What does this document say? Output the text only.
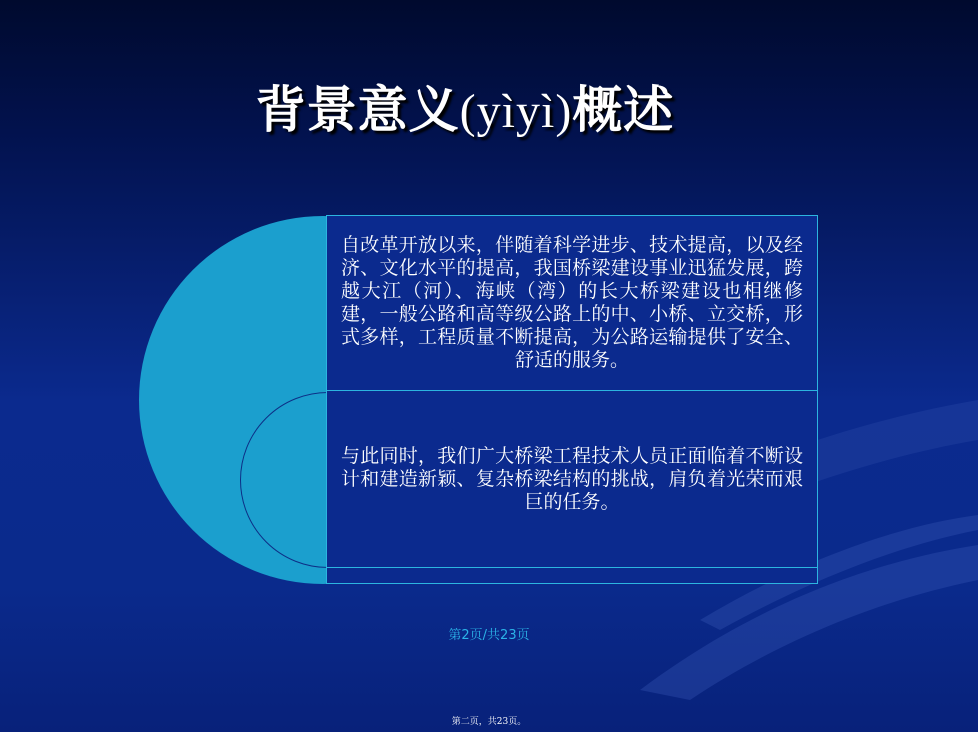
背景意义(yìyì)概述
自改革开放以来，伴随着科学进步、技术提高，以及经济、文化水平的提高，我国桥梁建设事业迅猛发展，跨越大江（河）、海峡（湾）的长大桥梁建设也相继修建，一般公路和高等级公路上的中、小桥、立交桥，形式多样，工程质量不断提高，为公路运输提供了安全、舒适的服务。
与此同时，我们广大桥梁工程技术人员正面临着不断设计和建造新颖、复杂桥梁结构的挑战，肩负着光荣而艰巨的任务。
第2页/共23页
第二页，共23页。
